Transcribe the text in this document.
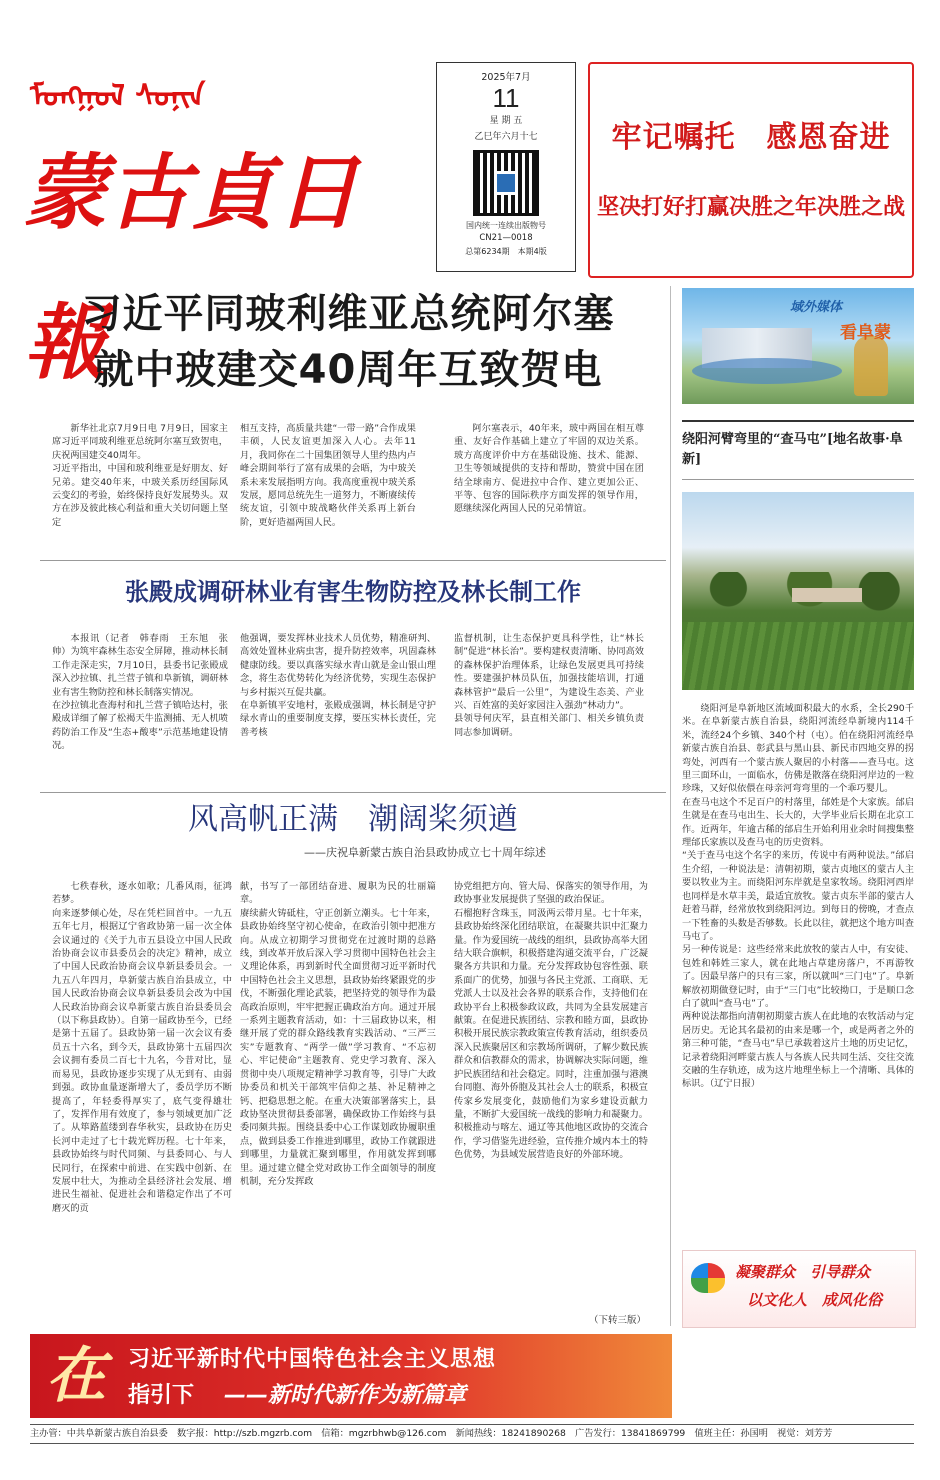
ᠮᠣᠩᠭᠣᠯ ᠰᠣᠨᠢᠨ
蒙古貞日報
2025年7月
11
星 期 五
乙巳年六月十七
国内统一连续出版物号
CN21—0018
总第6234期　本期4版
牢记嘱托　感恩奋进
坚决打好打赢决胜之年决胜之战
习近平同玻利维亚总统阿尔塞
就中玻建交40周年互致贺电

新华社北京7月9日电 7月9日，国家主席习近平同玻利维亚总统阿尔塞互致贺电，庆祝两国建交40周年。
习近平指出，中国和玻利维亚是好朋友、好兄弟。建交40年来，中玻关系历经国际风云变幻的考验，始终保持良好发展势头。双方在涉及彼此核心利益和重大关切问题上坚定

相互支持，高质量共建“一带一路”合作成果丰硕，人民友谊更加深入人心。去年11月，我同你在二十国集团领导人里约热内卢峰会期间举行了富有成果的会晤，为中玻关系未来发展指明方向。我高度重视中玻关系发展，愿同总统先生一道努力，不断赓续传统友谊，引领中玻战略伙伴关系再上新台阶，更好造福两国人民。

阿尔塞表示，40年来，玻中两国在相互尊重、友好合作基础上建立了牢固的双边关系。玻方高度评价中方在基础设施、技术、能源、卫生等领域提供的支持和帮助，赞赏中国在团结全球南方、促进拉中合作、建立更加公正、平等、包容的国际秩序方面发挥的领导作用，愿继续深化两国人民的兄弟情谊。

张殿成调研林业有害生物防控及林长制工作

本报讯（记者　韩春雨　王东旭　张　帅）为筑牢森林生态安全屏障，推动林长制工作走深走实，7月10日，县委书记张殿成深入沙拉镇、扎兰营子镇和阜新镇，调研林业有害生物防控和林长制落实情况。
在沙拉镇北查海村和扎兰营子镇哈达村，张殿成详细了解了松褐天牛监测捕、无人机喷药防治工作及“生态+酸枣”示范基地建设情况。

他强调，要发挥林业技术人员优势，精准研判、高效处置林业病虫害，提升防控效率，巩固森林健康防线。要以真落实绿水青山就是金山银山理念，将生态优势转化为经济优势，实现生态保护与乡村振兴互促共赢。
在阜新镇平安地村，张殿成强调，林长制是守护绿水青山的重要制度支撑，要压实林长责任，完善考核

监督机制，让生态保护更具科学性，让“林长制”促进“林长治”。要构建权责清晰、协同高效的森林保护治理体系，让绿色发展更具可持续性。要建强护林员队伍，加强技能培训，打通森林管护“最后一公里”，为建设生态美、产业兴、百姓富的美好家园注入强劲“林动力”。
县领导何庆军，县直相关部门、相关乡镇负责同志参加调研。

风高帆正满　潮阔桨须遒
——庆祝阜新蒙古族自治县政协成立七十周年综述

七秩春秋，逐水如歌；几番风雨，征鸿若梦。
向来逐梦倾心处，尽在凭栏回首中。一九五五年七月，根据辽宁省政协第一届一次全体会议通过的《关于九市五县设立中国人民政治协商会议市县委员会的决定》精神，成立了中国人民政治协商会议阜新县委员会。一九五八年四月，阜新蒙古族自治县成立，中国人民政治协商会议阜新县委员会改为中国人民政治协商会议阜新蒙古族自治县委员会（以下称县政协）。自第一届政协至今，已经是第十五届了。县政协第一届一次会议有委员五十六名，到今天，县政协第十五届四次会议拥有委员二百七十九名，今昔对比，显而易见，县政协逐步实现了从无到有、由弱到强。政协血量逐渐增大了，委员学历不断提高了，年轻委得厚实了，底气变得雄壮了，发挥作用有效度了，参与领域更加广泛了。从筚路蓝缕到春华秋实，县政协在历史长河中走过了七十载光辉历程。七十年来，县政协始终与时代同频、与县委同心、与人民同行，在探索中前进、在实践中创新、在发展中壮大，为推动全县经济社会发展、增进民生福祉、促进社会和谐稳定作出了不可磨灭的贡

献，书写了一部团结奋进、履职为民的壮丽篇章。
赓续薪火铸砥柱，守正创新立潮头。七十年来，县政协始终坚守初心使命，在政治引领中把准方向。从成立初期学习贯彻党在过渡时期的总路线，到改革开放后深入学习贯彻中国特色社会主义理论体系，再到新时代全面贯彻习近平新时代中国特色社会主义思想，县政协始终紧跟党的步伐，不断强化理论武装，把坚持党的领导作为最高政治原则，牢牢把握正确政治方向。通过开展一系列主题教育活动，如：十三届政协以来，相继开展了党的群众路线教育实践活动、“三严三实”专题教育、“两学一做”学习教育、“不忘初心、牢记使命”主题教育、党史学习教育、深入贯彻中央八项规定精神学习教育等，引导广大政协委员和机关干部筑牢信仰之基、补足精神之钙、把稳思想之舵。在重大决策部署落实上，县政协坚决贯彻县委部署，确保政协工作始终与县委同频共振。围绕县委中心工作谋划政协履职重点，做到县委工作推进到哪里，政协工作就跟进到哪里，力量就汇聚到哪里，作用就发挥到哪里。通过建立健全党对政协工作全面领导的制度机制，充分发挥政

协党组把方向、管大局、保落实的领导作用，为政协事业发展提供了坚强的政治保证。
石榴抱籽含珠玉，同汲两云带月星。七十年来，县政协始终深化团结联谊，在凝聚共识中汇聚力量。作为爱国统一战线的组织，县政协高举大团结大联合旗帜，积极搭建沟通交流平台，广泛凝聚各方共识和力量。充分发挥政协包容性强、联系面广的优势，加强与各民主党派、工商联、无党派人士以及社会各界的联系合作，支持他们在政协平台上积极参政议政，共同为全县发展建言献策。在促进民族团结、宗教和睦方面，县政协积极开展民族宗教政策宣传教育活动，组织委员深入民族聚居区和宗教场所调研，了解少数民族群众和信教群众的需求，协调解决实际问题，维护民族团结和社会稳定。同时，注重加强与港澳台同胞、海外侨胞及其社会人士的联系，积极宣传家乡发展变化，鼓励他们为家乡建设贡献力量，不断扩大爱国统一战线的影响力和凝聚力。积极推动与喀左、通辽等其他地区政协的交流合作，学习借鉴先进经验，宣传推介域内本土的特色优势，为县域发展营造良好的外部环境。

（下转三版）
域外媒体
看阜蒙
绕阳河臂弯里的“查马屯”[地名故事·阜新]

绕阳河是阜新地区流域面积最大的水系，全长290千米。在阜新蒙古族自治县，绕阳河流经阜新境内114千米，流经24个乡镇、340个村（屯）。伯在绕阳河流经阜新蒙古族自治县、彰武县与黑山县、新民市四地交界的拐弯处，河西有一个蒙古族人聚居的小村落——查马屯。这里三面环山，一面临水，仿佛是散落在绕阳河岸边的一粒珍珠，又好似依偎在母亲河弯弯里的一个乖巧婴儿。
在查马屯这个不足百户的村落里，邰姓是个大家族。邰启生就是在查马屯出生、长大的，大学毕业后长期在北京工作。近两年，年逾古稀的邰启生开始利用业余时间搜集整理邰氏家族以及查马屯的历史资料。
“关于查马屯这个名字的来历，传说中有两种说法。”邰启生介绍，一种说法是：清朝初期，蒙古贞地区的蒙古人主要以牧业为主。而绕阳河东岸就是皇家牧场。绕阳河西岸也同样是水草丰美，最适宜放牧。蒙古贞东半部的蒙古人赶着马群，经常放牧到绕阳河边。到每日的傍晚，才查点一下牲畜的头数是否够数。长此以往，就把这个地方叫查马屯了。
另一种传说是：这些经常来此放牧的蒙古人中，有安徒、包姓和韩姓三家人，就在此地占草建房落户，不再游牧了。因最早落户的只有三家，所以就叫“三门屯”了。阜新解放初期做登记时，由于“三门屯”比较拗口，于是顺口念白了就叫“查马屯”了。
两种说法都指向清朝初期蒙古族人在此地的农牧活动与定居历史。无论其名最初的由来是哪一个，或是两者之外的第三种可能，“查马屯”早已承载着这片土地的历史记忆，记录着绕阳河畔蒙古族人与各族人民共同生活、交往交流交融的生存轨迹，成为这片地理坐标上一个清晰、具体的标识。（辽宁日报）

凝聚群众　引导群众
以文化人　成风化俗
在 习近平新时代中国特色社会主义思想
指引下 ——新时代新作为新篇章
主办管：中共阜新蒙古族自治县委　数字报：http://szb.mgzrb.com　信箱：mgzrbhwb@126.com　新闻热线：18241890268　广告发行：13841869799　值班主任：孙国明　视觉：刘芳芳
